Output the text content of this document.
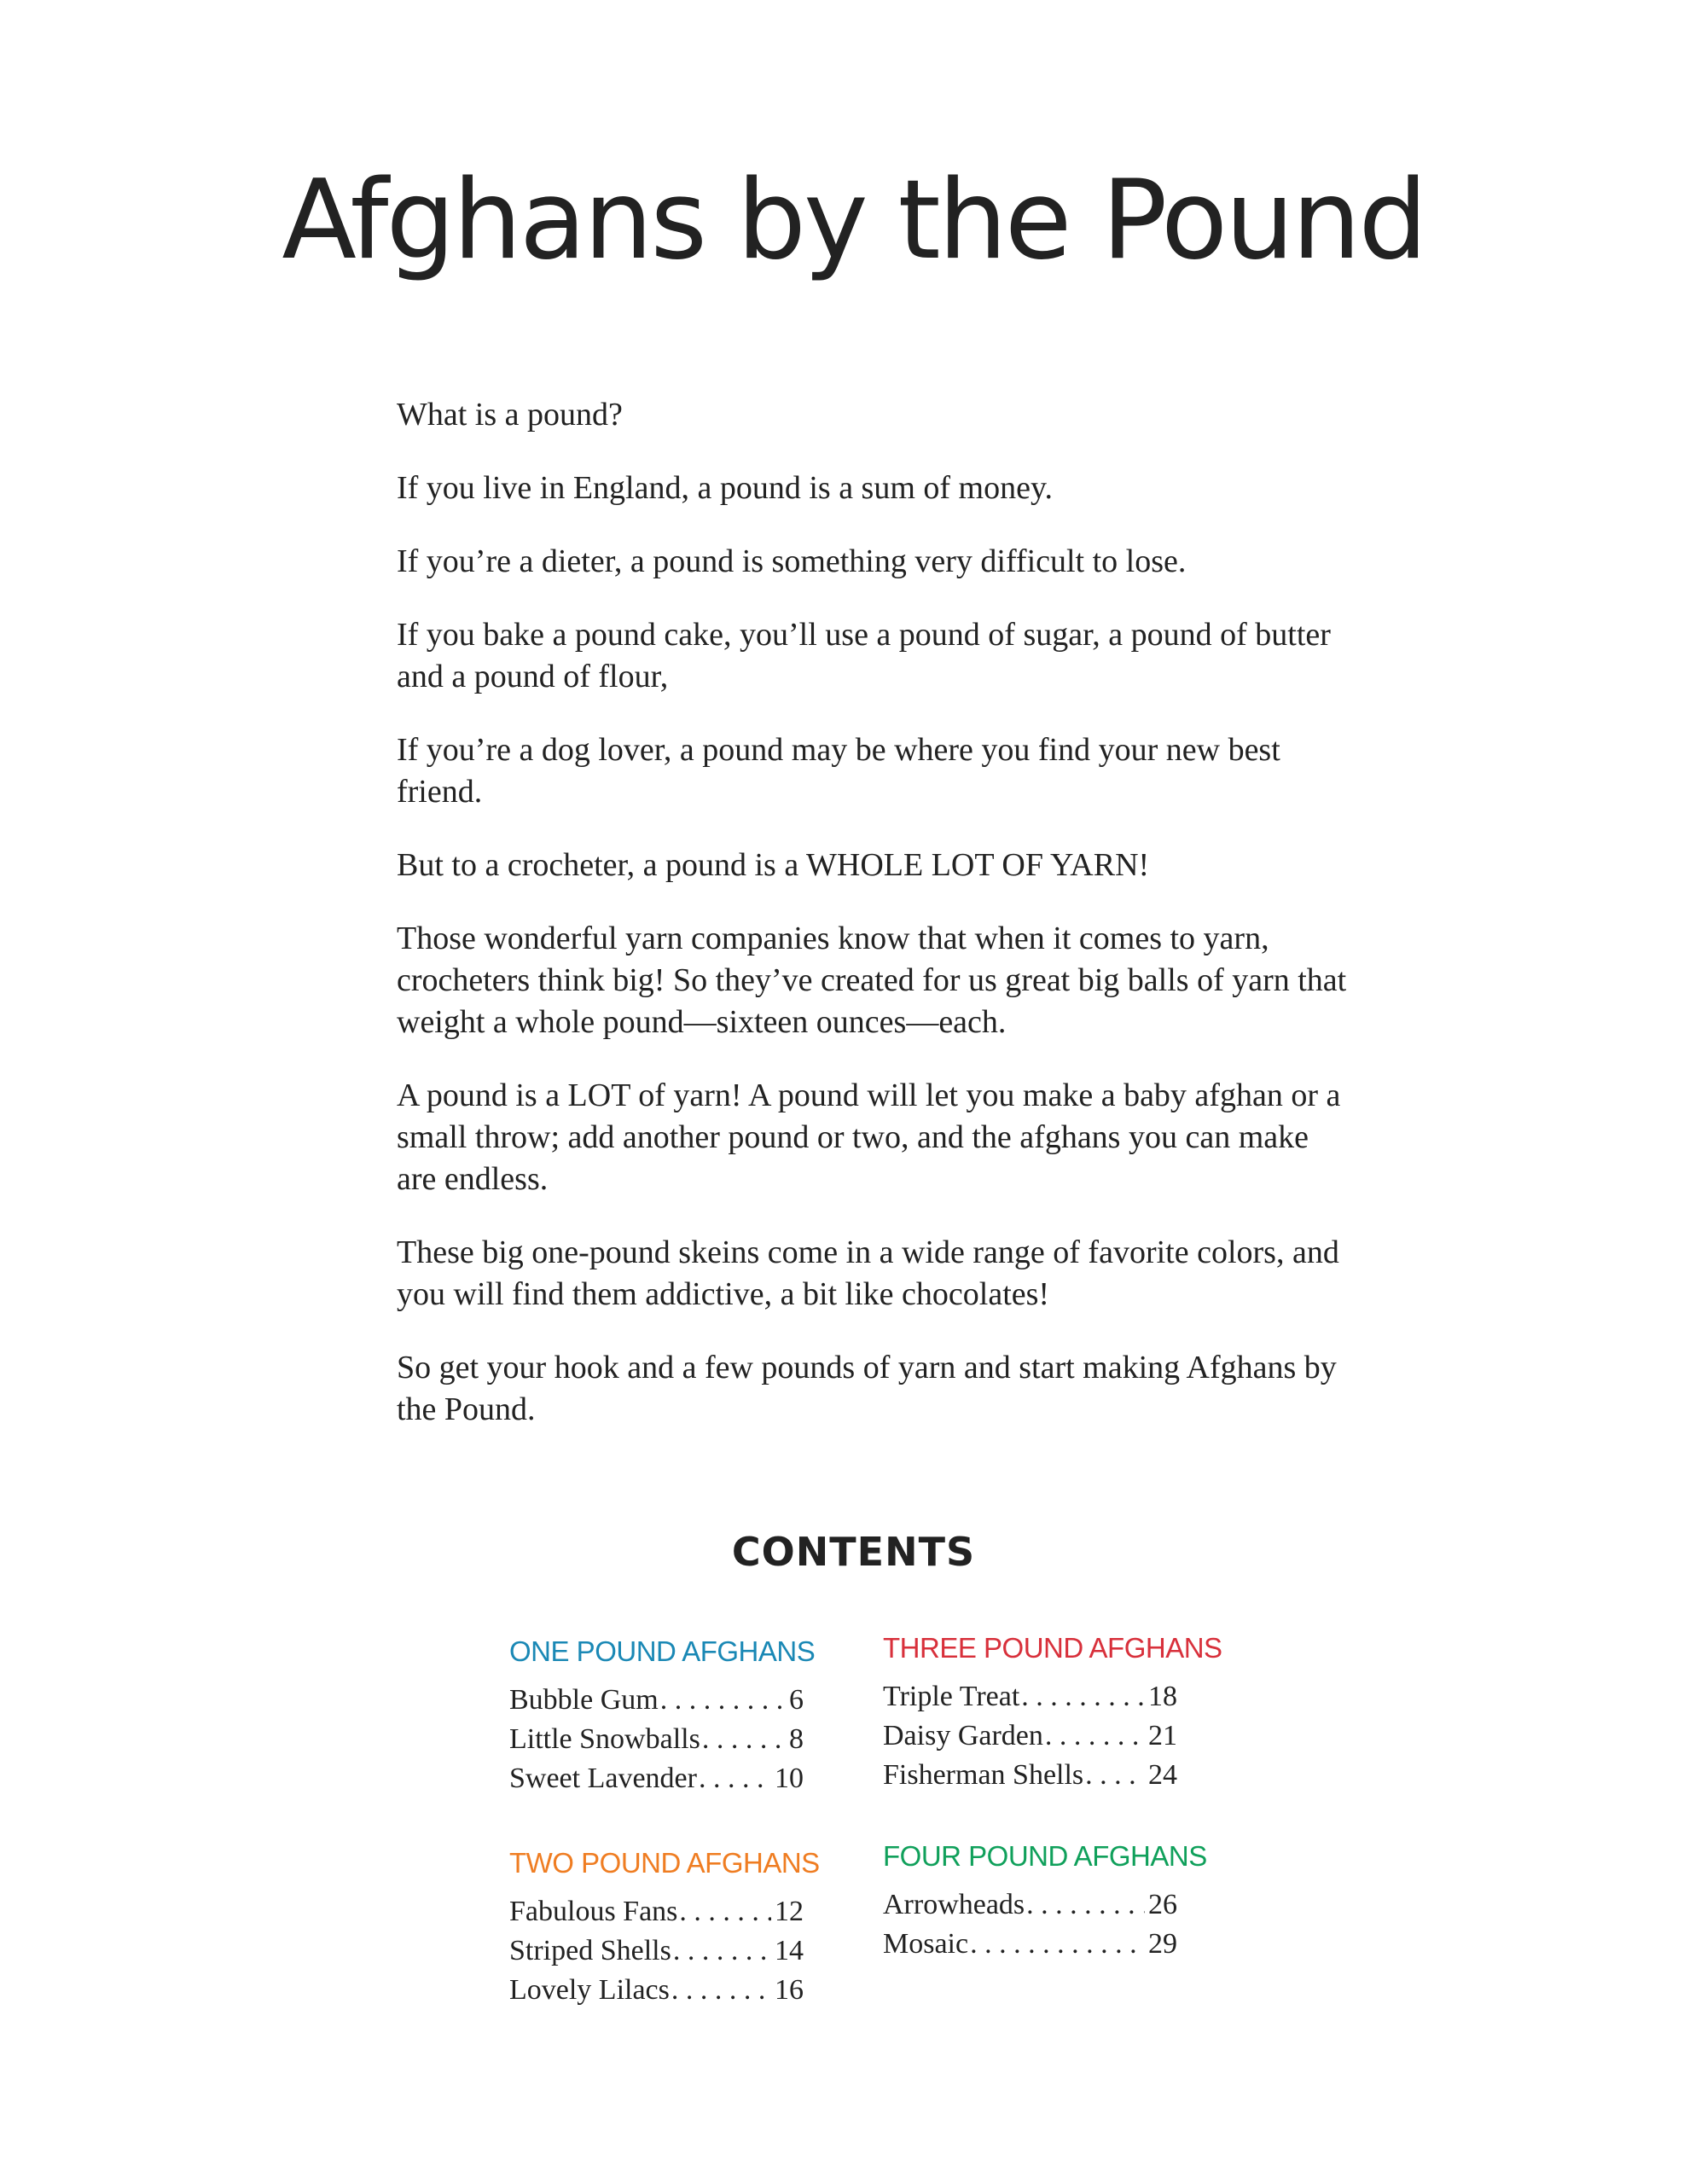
Afghans by the Pound

What is a pound?

If you live in England, a pound is a sum of money.

If you’re a dieter, a pound is something very difficult to lose.

If you bake a pound cake, you’ll use a pound of sugar, a pound of butter and a pound of flour,

If you’re a dog lover, a pound may be where you find your new best friend.

But to a crocheter, a pound is a WHOLE LOT OF YARN!

Those wonderful yarn companies know that when it comes to yarn, crocheters think big! So they’ve created for us great big balls of yarn that weight a whole pound—sixteen ounces—each.

A pound is a LOT of yarn! A pound will let you make a baby afghan or a small throw; add another pound or two, and the afghans you can make are endless.

These big one-pound skeins come in a wide range of favorite colors, and you will find them addictive, a bit like chocolates!

So get your hook and a few pounds of yarn and start making Afghans by the Pound.

CONTENTS
ONE POUND AFGHANS
Bubble Gum . . .	6
Little Snowballs . . .	8
Sweet Lavender . . .	10
TWO POUND AFGHANS
Fabulous Fans . . .	12
Striped Shells . . .	14
Lovely Lilacs . . .	16
THREE POUND AFGHANS
Triple Treat . . .	18
Daisy Garden . . .	21
Fisherman Shells . . . 24
FOUR POUND AFGHANS
Arrowheads . . .	26
Mosaic . . .	29
